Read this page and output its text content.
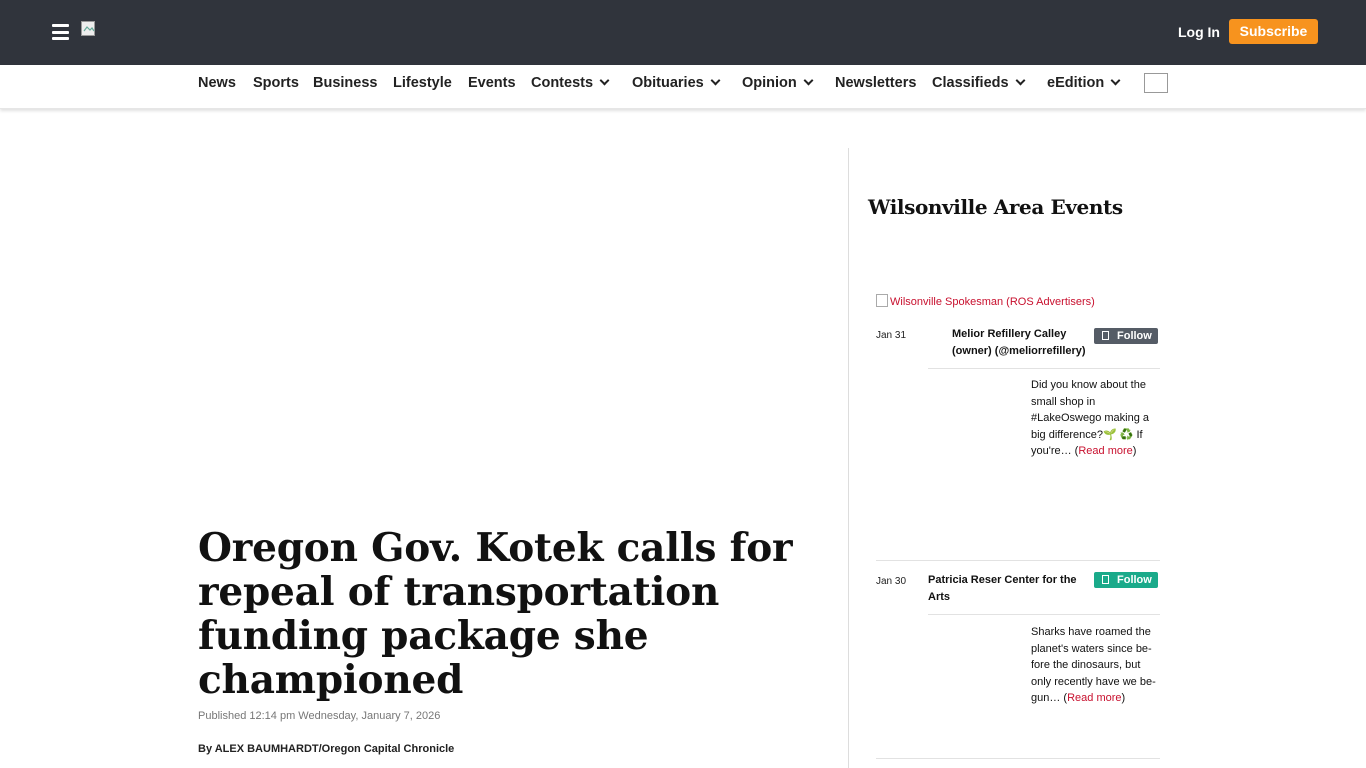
Log In	Subscribe
News Sports Business Lifestyle Events Contests	Obituaries	Opinion	Newsletters Classifieds	eEdition
Oregon Gov. Kotek calls for repeal of transportation funding package she championed
Published 12:14 pm Wednesday, January 7, 2026
By ALEX BAUMHARDT/Oregon Capital Chronicle
Wilsonville Area Events
Wilsonville Spokesman (ROS Advertisers)
Jan 31	Melior Refillery Calley (owner) (@meliorrefillery)
Follow
Did you know about the small shop in #LakeOswego making a big difference?🌱 ♻️ If you're… (Read more)
Jan 30 Patricia Reser Center for the Arts
Follow
Sharks have roamed the planet's waters since be-fore the dinosaurs, but only recently have we be-gun… (Read more)
